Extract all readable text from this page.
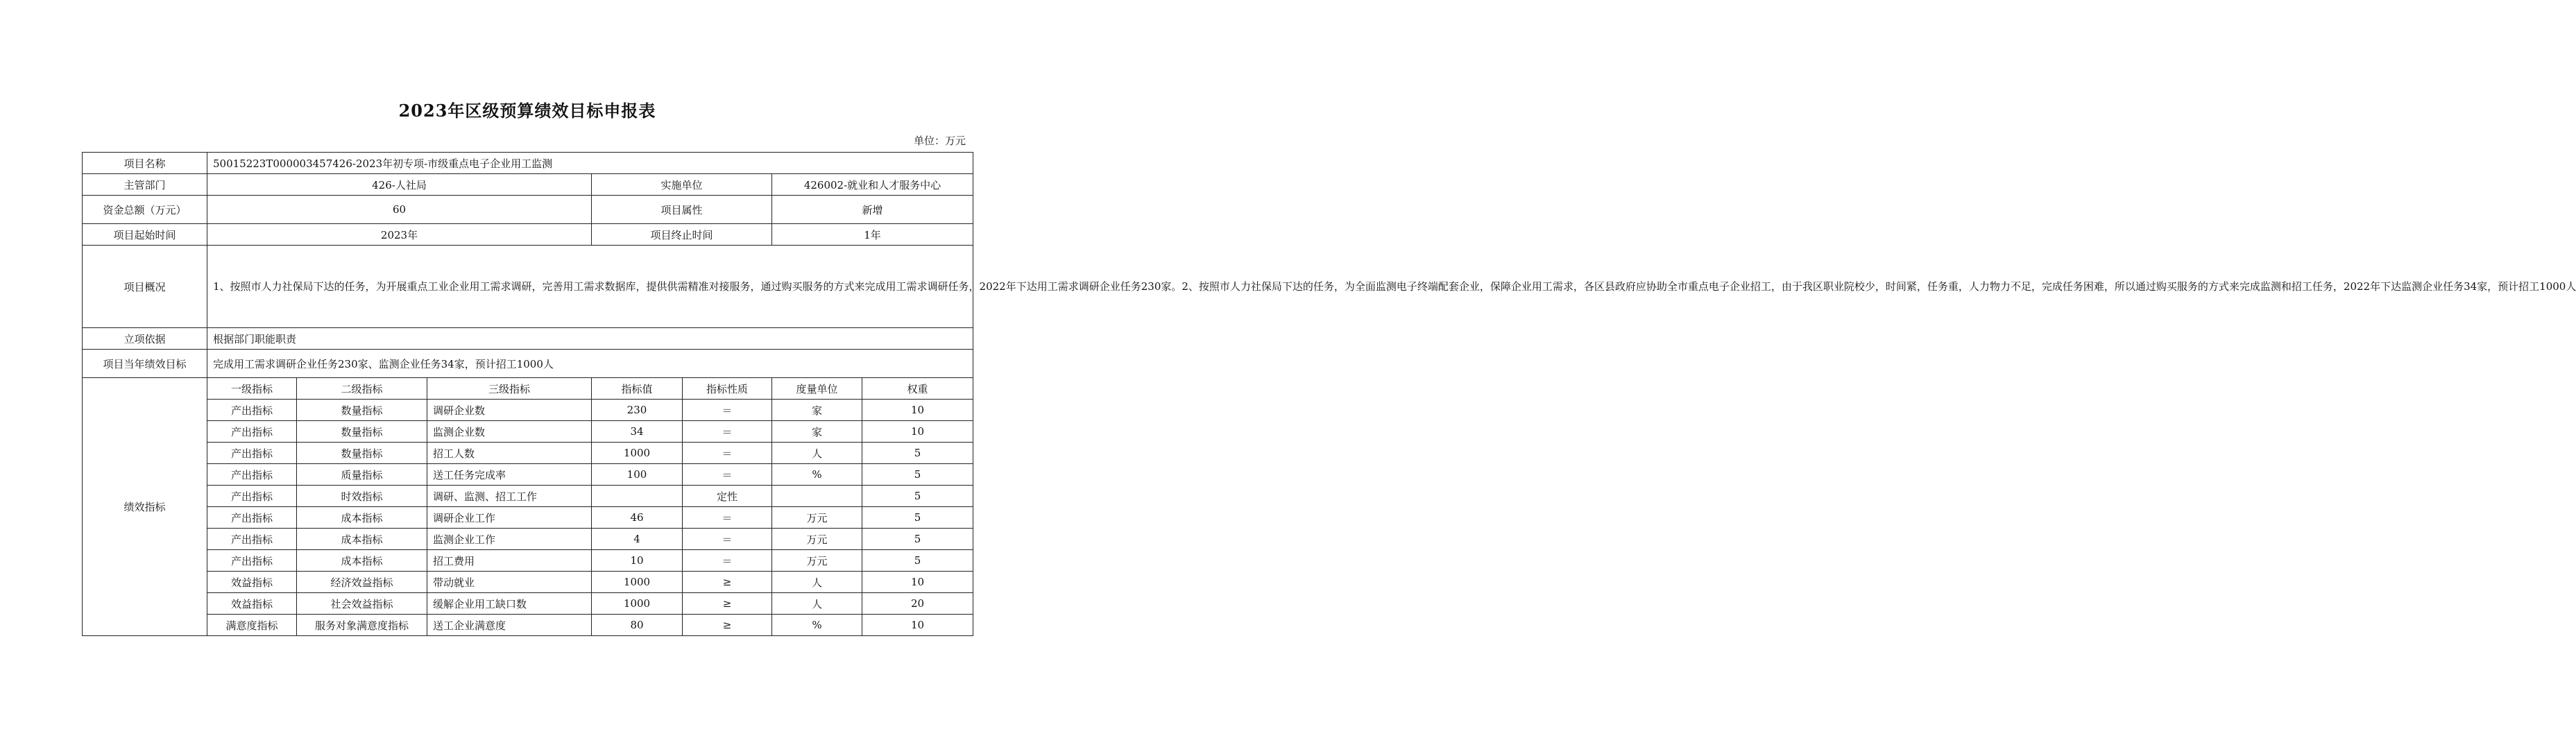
2023年区级预算绩效目标申报表
单位：万元
项目名称	50015223T000003457426-2023年初专项-市级重点电子企业用工监测						
主管部门	426-人社局			实施单位		426002-就业和人才服务中心	
资金总额（万元）	60			项目属性		新增	
项目起始时间	2023年			项目终止时间		1年	
项目概况	1、按照市人力社保局下达的任务，为开展重点工业企业用工需求调研，完善用工需求数据库，提供供需精准对接服务，通过购买服务的方式来完成用工需求调研任务，2022年下达用工需求调研企业任务230家。2、按照市人力社保局下达的任务，为全面监测电子终端配套企业，保障企业用工需求，各区县政府应协助全市重点电子企业招工，由于我区职业院校少，时间紧，任务重，人力物力不足，完成任务困难，所以通过购买服务的方式来完成监测和招工任务，2022年下达监测企业任务34家，预计招工1000人						
立项依据	根据部门职能职责						
项目当年绩效目标	完成用工需求调研企业任务230家、监测企业任务34家，预计招工1000人						
绩效指标	一级指标	二级指标	三级指标	指标值	指标性质	度量单位	权重
	产出指标	数量指标	调研企业数	230	＝	家	10
	产出指标	数量指标	监测企业数	34	＝	家	10
	产出指标	数量指标	招工人数	1000	＝	人	5
	产出指标	质量指标	送工任务完成率	100	＝	%	5
	产出指标	时效指标	调研、监测、招工工作		定性		5
	产出指标	成本指标	调研企业工作	46	＝	万元	5
	产出指标	成本指标	监测企业工作	4	＝	万元	5
	产出指标	成本指标	招工费用	10	＝	万元	5
	效益指标	经济效益指标	带动就业	1000	≥	人	10
	效益指标	社会效益指标	缓解企业用工缺口数	1000	≥	人	20
	满意度指标	服务对象满意度指标	送工企业满意度	80	≥	%	10
